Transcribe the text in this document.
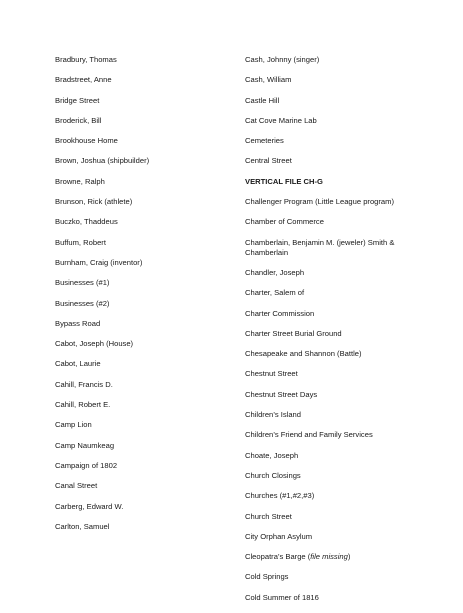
Bradbury, Thomas
Bradstreet, Anne
Bridge Street
Broderick, Bill
Brookhouse Home
Brown, Joshua (shipbuilder)
Browne, Ralph
Brunson, Rick (athlete)
Buczko, Thaddeus
Buffum, Robert
Burnham, Craig (inventor)
Businesses (#1)
Businesses (#2)
Bypass Road
Cabot, Joseph (House)
Cabot, Laurie
Cahill, Francis D.
Cahill, Robert E.
Camp Lion
Camp Naumkeag
Campaign of 1802
Canal Street
Carberg, Edward W.
Carlton, Samuel
Cash, Johnny (singer)
Cash, William
Castle Hill
Cat Cove Marine Lab
Cemeteries
Central Street
VERTICAL FILE CH-G
Challenger Program (Little League program)
Chamber of Commerce
Chamberlain, Benjamin M. (jeweler) Smith & Chamberlain
Chandler, Joseph
Charter, Salem of
Charter Commission
Charter Street Burial Ground
Chesapeake and Shannon (Battle)
Chestnut Street
Chestnut Street Days
Children’s Island
Children’s Friend and Family Services
Choate, Joseph
Church Closings
Churches (#1,#2,#3)
Church Street
City Orphan Asylum
Cleopatra’s Barge (file missing)
Cold Springs
Cold Summer of 1816
